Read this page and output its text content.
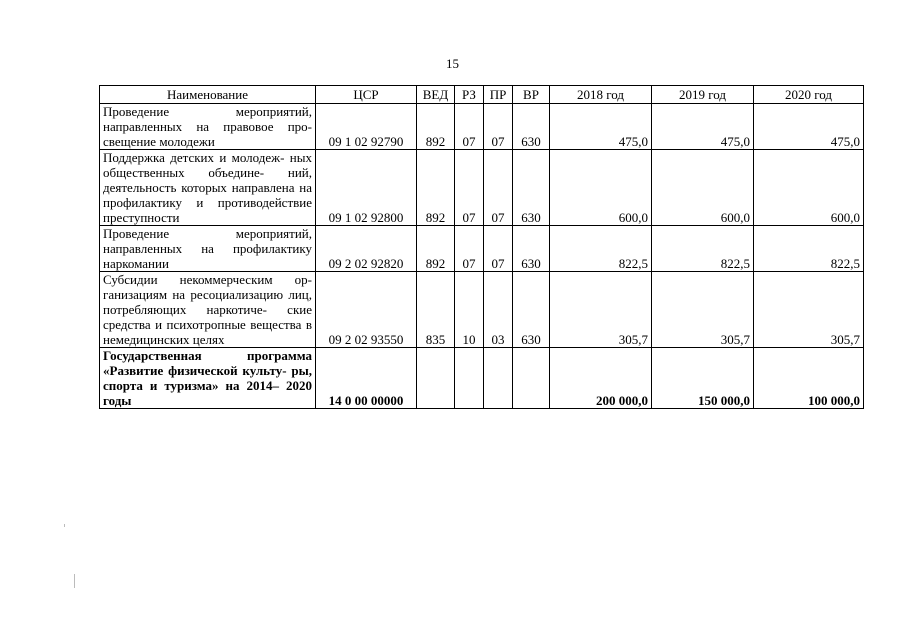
15
Наименование	ЦСР	ВЕД	РЗ	ПР	ВР	2018 год	2019 год	2020 год
Проведение мероприятий, направленных на правовое про- свещение молодежи	09 1 02 92790	892	07	07	630	475,0	475,0	475,0
Поддержка детских и молодеж- ных общественных объедине- ний, деятельность которых направлена на профилактику и противодействие преступности	09 1 02 92800	892	07	07	630	600,0	600,0	600,0
Проведение мероприятий, направленных на профилактику наркомании	09 2 02 92820	892	07	07	630	822,5	822,5	822,5
Субсидии некоммерческим ор- ганизациям на ресоциализацию лиц, потребляющих наркотиче- ские средства и психотропные вещества в немедицинских целях	09 2 02 93550	835	10	03	630	305,7	305,7	305,7
Государственная программа «Развитие физической культу- ры, спорта и туризма» на 2014– 2020 годы	14 0 00 00000					200 000,0	150 000,0	100 000,0
